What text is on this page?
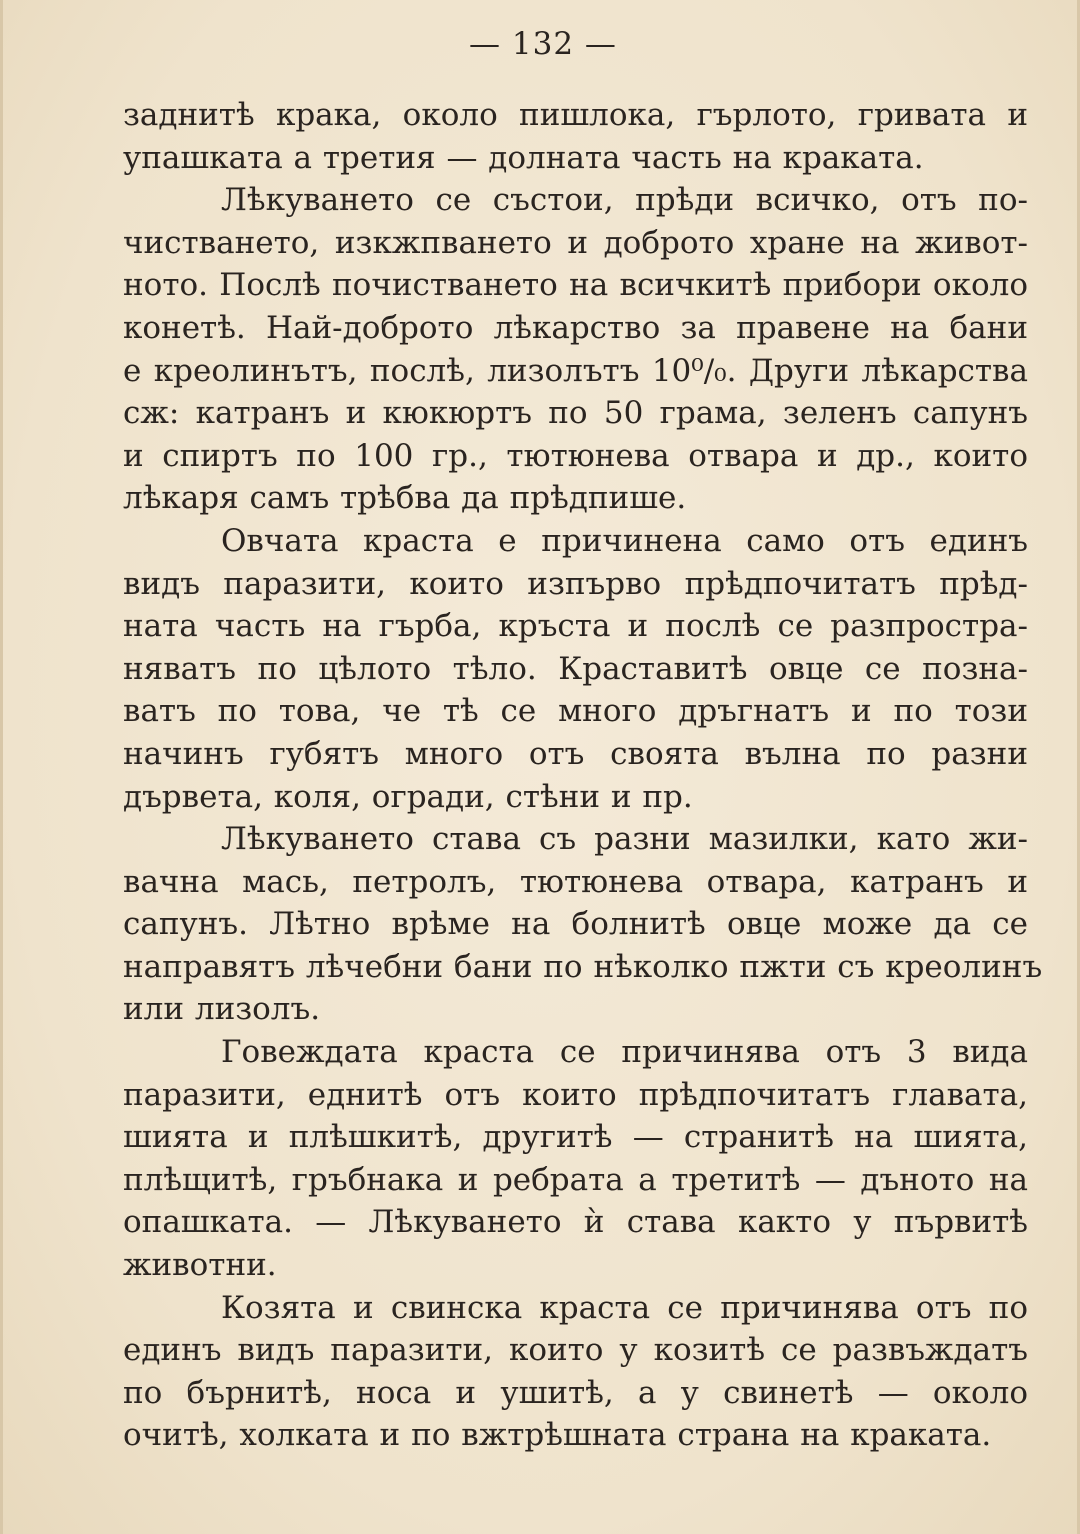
— 132 —
заднитѣ крака, около пишлока, гърлото, гривата и
упашката а третия — долната часть на краката.
Лѣкуването се състои, прѣди всичко, отъ по-
чистването, изкжпването и доброто хране на живот-
ното. Послѣ почистването на всичкитѣ прибори около
конетѣ. Най-доброто лѣкарство за правене на бани
е креолинътъ, послѣ, лизолътъ 10⁰/₀. Други лѣкарства
сж: катранъ и кюкюртъ по 50 грама, зеленъ сапунъ
и спиртъ по 100 гр., тютюнева отвара и др., които
лѣкаря самъ трѣбва да прѣдпише.
Овчата краста е причинена само отъ единъ
видъ паразити, които изпърво прѣдпочитатъ прѣд-
ната часть на гърба, кръста и послѣ се разпростра-
няватъ по цѣлото тѣло. Краставитѣ овце се позна-
ватъ по това, че тѣ се много дръгнатъ и по този
начинъ губятъ много отъ своята вълна по разни
дървета, коля, огради, стѣни и пр.
Лѣкуването става съ разни мазилки, като жи-
вачна мась, петролъ, тютюнева отвара, катранъ и
сапунъ. Лѣтно врѣме на болнитѣ овце може да се
направятъ лѣчебни бани по нѣколко пжти съ креолинъ
или лизолъ.
Говеждата краста се причинява отъ 3 вида
паразити, еднитѣ отъ които прѣдпочитатъ главата,
шията и плѣшкитѣ, другитѣ — странитѣ на шията,
плѣщитѣ, гръбнака и ребрата а третитѣ — дъното на
опашката. — Лѣкуването ѝ става както у първитѣ
животни.
Козята и свинска краста се причинява отъ по
единъ видъ паразити, които у козитѣ се развъждатъ
по бърнитѣ, носа и ушитѣ, а у свинетѣ — около
очитѣ, холката и по вжтрѣшната страна на краката.
